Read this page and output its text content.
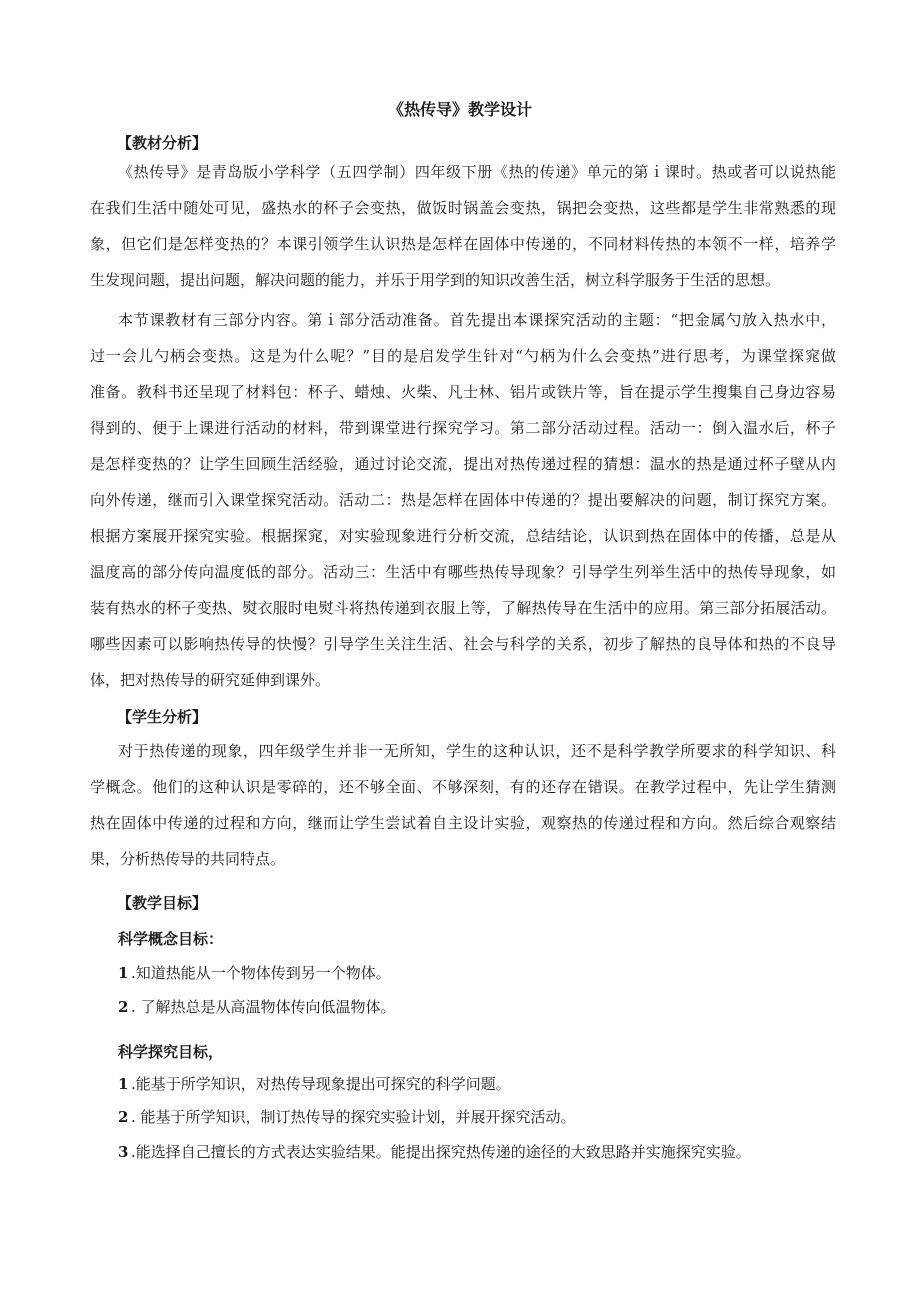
《热传导》教学设计
【教材分析】
《热传导》是青岛版小学科学（五四学制）四年级下册《热的传递》单元的第ｉ课时。热或者可以说热能
在我们生活中随处可见，盛热水的杯子会变热，做饭时锅盖会变热，锅把会变热，这些都是学生非常熟悉的现
象，但它们是怎样变热的？本课引领学生认识热是怎样在固体中传递的，不同材料传热的本领不一样，培养学
生发现问题，提出问题，解决问题的能力，并乐于用学到的知识改善生活，树立科学服务于生活的思想。
本节课教材有三部分内容。第ｉ部分活动准备。首先提出本课探究活动的主题：“把金属勺放入热水中，
过一会儿勺柄会变热。这是为什么呢？”目的是启发学生针对“勺柄为什么会变热”进行思考，为课堂探窕做
准备。教科书还呈现了材料包：杯子、蜡烛、火柴、凡士林、铝片或铁片等，旨在提示学生搜集自己身边容易
得到的、便于上课进行活动的材料，带到课堂进行探究学习。第二部分活动过程。活动一：倒入温水后，杯子
是怎样变热的？让学生回顾生活经验，通过讨论交流，提出对热传递过程的猜想：温水的热是通过杯子壁从内
向外传递，继而引入课堂探究活动。活动二：热是怎样在固体中传递的？提出要解决的问题，制订探究方案。
根据方案展开探究实验。根据探窕，对实验现象进行分析交流，总结结论，认识到热在固体中的传播，总是从
温度高的部分传向温度低的部分。活动三：生活中有哪些热传导现象？引导学生列举生活中的热传导现象，如
装有热水的杯子变热、熨衣服时电熨斗将热传递到衣服上等，了解热传导在生活中的应用。第三部分拓展活动。
哪些因素可以影响热传导的快慢？引导学生关注生活、社会与科学的关系，初步了解热的良导体和热的不良导
体，把对热传导的研究延伸到课外。
【学生分析】
对于热传递的现象，四年级学生并非一无所知，学生的这种认识，还不是科学教学所要求的科学知识、科
学概念。他们的这种认识是零碎的，还不够全面、不够深刻，有的还存在错误。在教学过程中，先让学生猜测
热在固体中传递的过程和方向，继而让学生尝试着自主设计实验，观察热的传递过程和方向。然后综合观察结
果，分析热传导的共同特点。
【教学目标】
科学概念目标：
1 .知道热能从一个物体传到另一个物体。
2 . 了解热总是从高温物体传向低温物体。
科学探究目标，
1 .能基于所学知识，对热传导现象提出可探究的科学问题。
2 . 能基于所学知识，制订热传导的探究实验计划，并展开探究活动。
3 .能选择自己擅长的方式表达实验结果。能提出探究热传递的途径的大致思路并实施探究实验。
